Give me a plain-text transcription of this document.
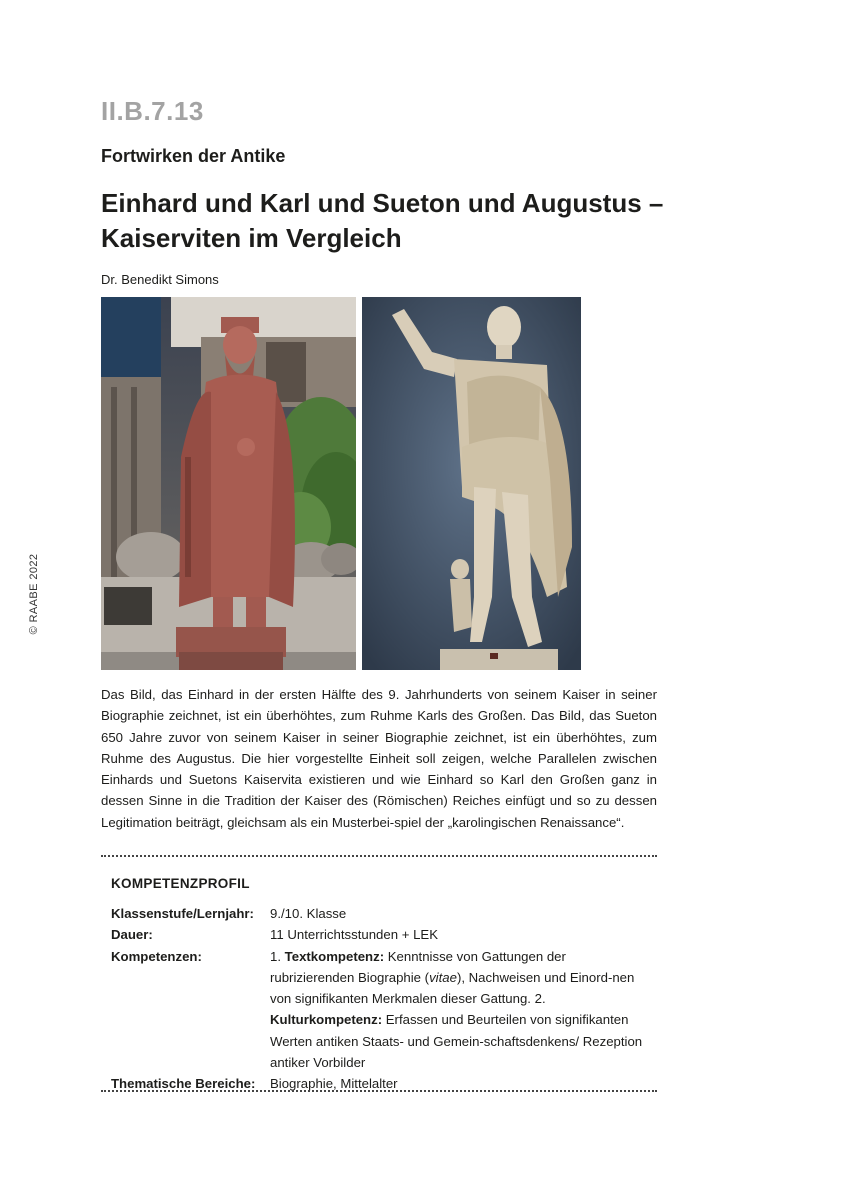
© RAABE 2022
II.B.7.13
Fortwirken der Antike
Einhard und Karl und Sueton und Augustus –
Kaiserviten im Vergleich
Dr. Benedikt Simons
Das Bild, das Einhard in der ersten Hälfte des 9. Jahrhunderts von seinem Kaiser in seiner Biographie zeichnet, ist ein überhöhtes, zum Ruhme Karls des Großen. Das Bild, das Sueton 650 Jahre zuvor von seinem Kaiser in seiner Biographie zeichnet, ist ein überhöhtes, zum Ruhme des Augustus. Die hier vorgestellte Einheit soll zeigen, welche Parallelen zwischen Einhards und Suetons Kaiservita existieren und wie Einhard so Karl den Großen ganz in dessen Sinne in die Tradition der Kaiser des (Römischen) Reiches einfügt und so zu dessen Legitimation beiträgt, gleichsam als ein Musterbei-spiel der „karolingischen Renaissance“.
KOMPETENZPROFIL
Klassenstufe/Lernjahr:	9./10. Klasse
Dauer:	11 Unterrichtsstunden + LEK
Kompetenzen:	1. Textkompetenz: Kenntnisse von Gattungen der rubrizierenden Biographie (vitae), Nachweisen und Einord-nen von signifikanten Merkmalen dieser Gattung. 2. Kulturkompetenz: Erfassen und Beurteilen von signifikanten Werten antiken Staats- und Gemein-schaftsdenkens/ Rezeption antiker Vorbilder
Thematische Bereiche:	Biographie, Mittelalter
